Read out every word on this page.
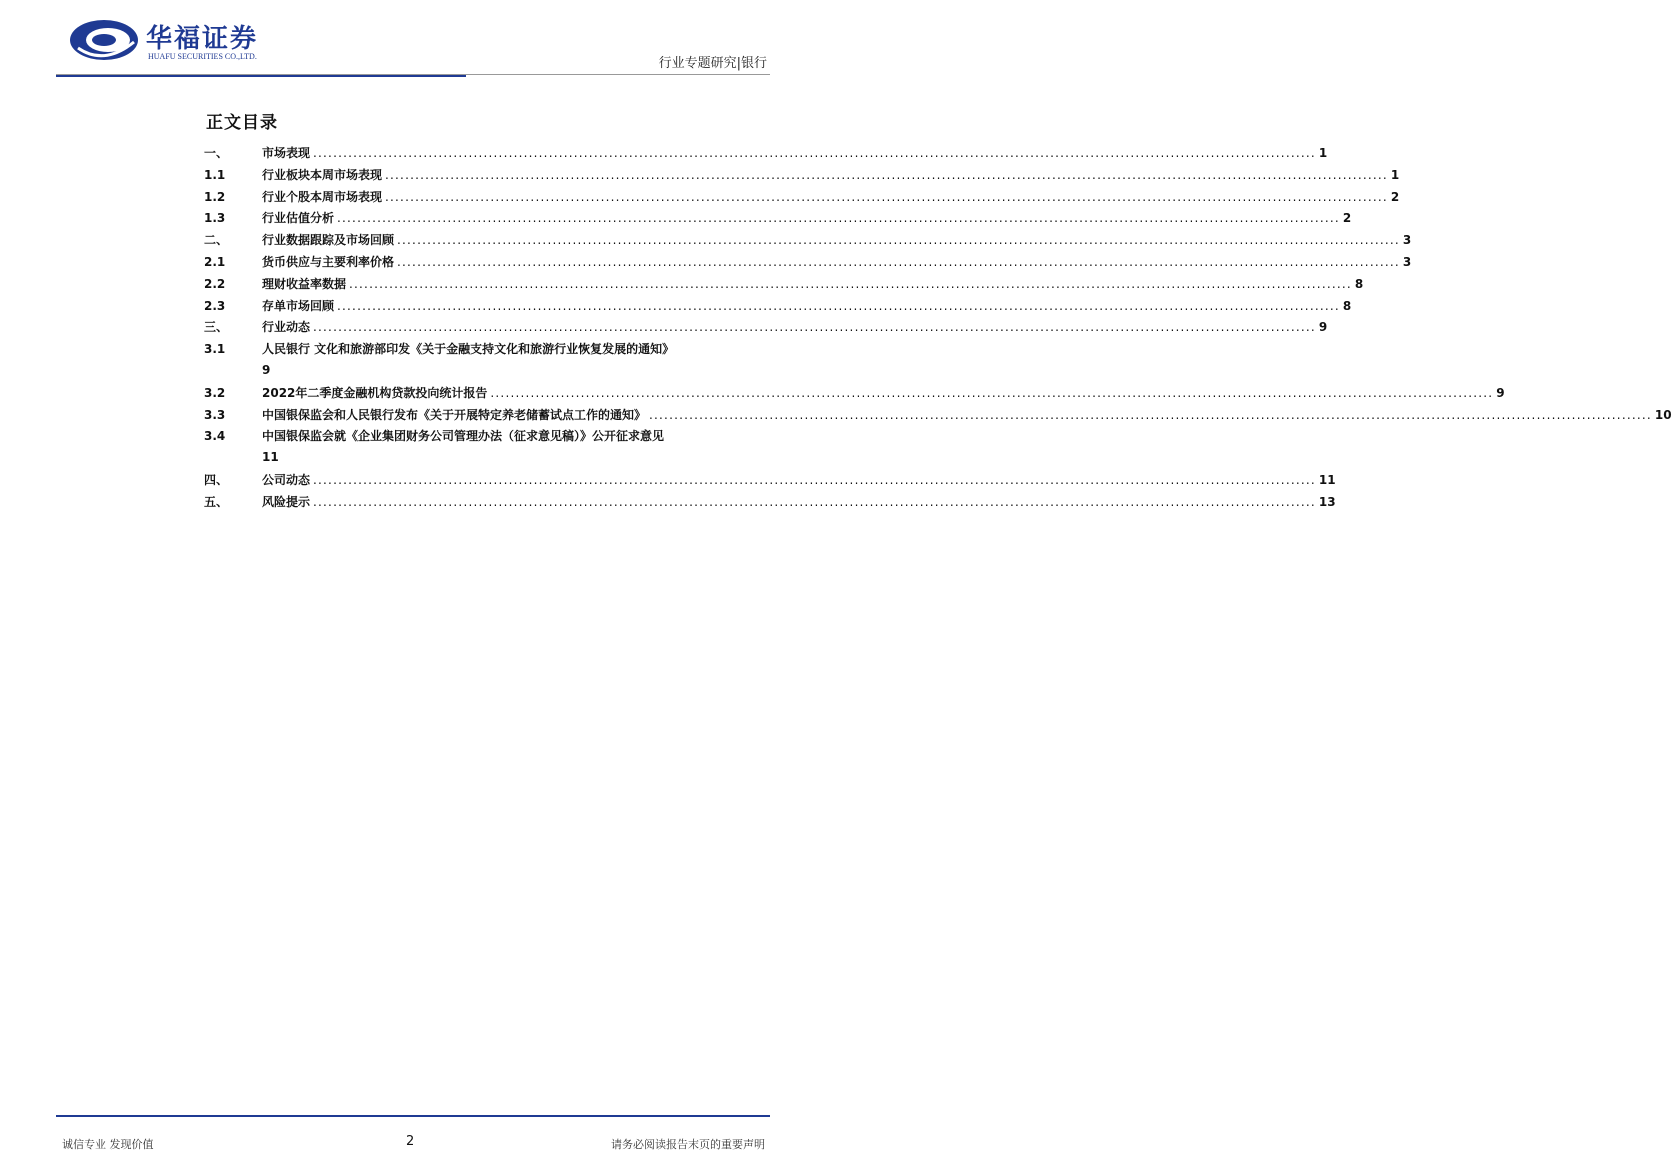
华福证券
HUAFU SECURITIES CO.,LTD.	行业专题研究|银行
正文目录
一、	市场表现 ........................................................................................................................................................................................................ 1
1.1	行业板块本周市场表现 ........................................................................................................................................................................................................ 1
1.2	行业个股本周市场表现 ........................................................................................................................................................................................................ 2
1.3	行业估值分析 ........................................................................................................................................................................................................ 2
二、	行业数据跟踪及市场回顾 ........................................................................................................................................................................................................ 3
2.1	货币供应与主要利率价格 ........................................................................................................................................................................................................ 3
2.2	理财收益率数据 ........................................................................................................................................................................................................ 8
2.3	存单市场回顾 ........................................................................................................................................................................................................ 8
三、	行业动态 ........................................................................................................................................................................................................ 9
3.1	人民银行 文化和旅游部印发《关于金融支持文化和旅游行业恢复发展的通知》
9
3.2	2022年二季度金融机构贷款投向统计报告 ........................................................................................................................................................................................................ 9
3.3	中国银保监会和人民银行发布《关于开展特定养老储蓄试点工作的通知》 ........................................................................................................................................................................................................ 10
3.4	中国银保监会就《企业集团财务公司管理办法（征求意见稿）》公开征求意见
11
四、	公司动态 ........................................................................................................................................................................................................ 11
五、	风险提示 ........................................................................................................................................................................................................ 13
诚信专业 发现价值	2	请务必阅读报告末页的重要声明
